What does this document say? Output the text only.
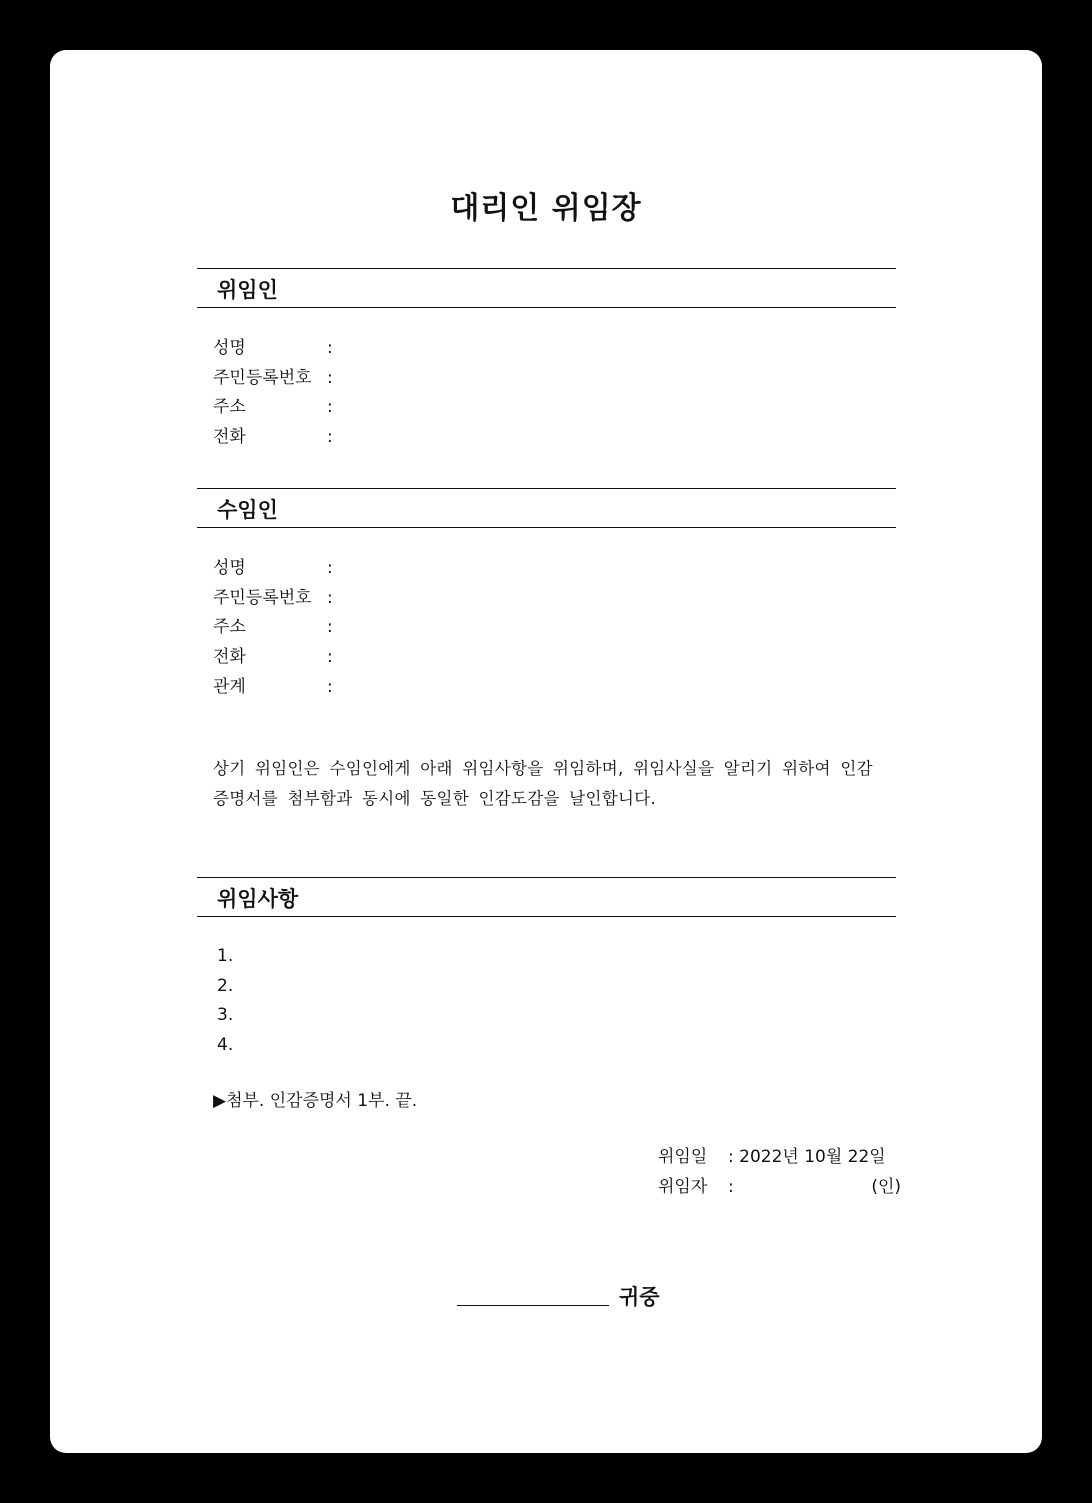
대리인 위임장
위임인
성명	:
주민등록번호 :
주소	:
전화	:
수임인
성명	:
주민등록번호 :
주소	:
전화	:
관계	:
상기 위임인은 수임인에게 아래 위임사항을 위임하며, 위임사실을 알리기 위하여 인감
증명서를 첨부함과 동시에 동일한 인감도감을 날인합니다.
위임사항
1.
2.
3.
4.
▶첨부. 인감증명서 1부. 끝.
위임일 : 2022년 10월 22일
위임자 :	(인)
귀중
